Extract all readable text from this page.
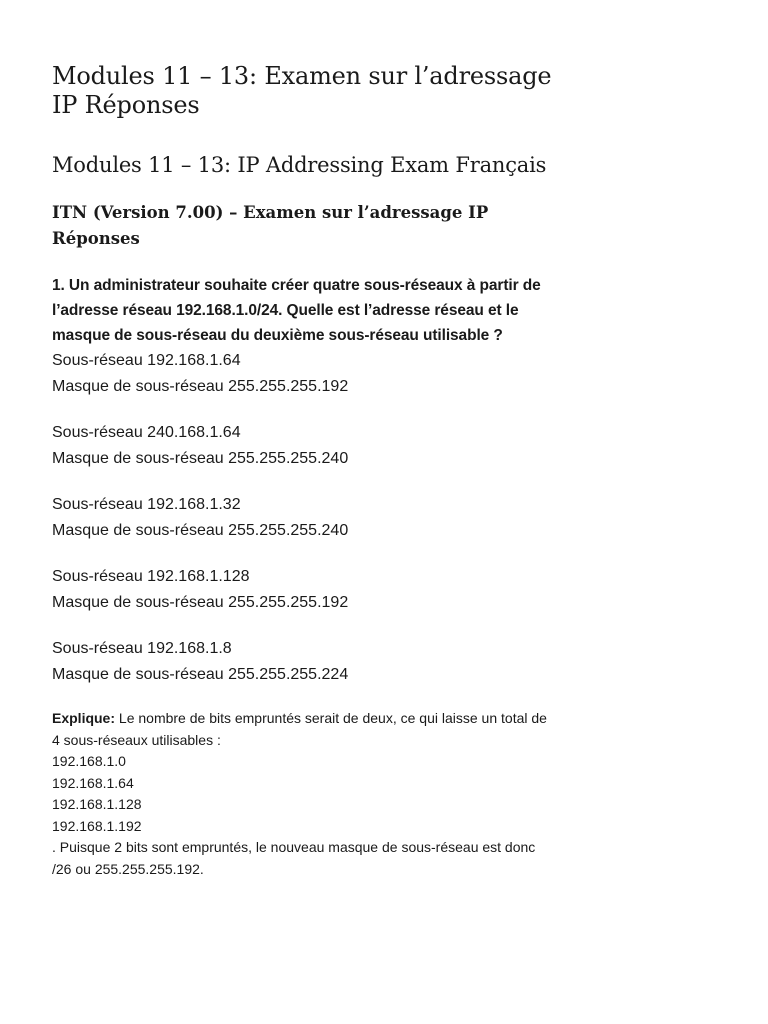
Modules 11 – 13: Examen sur l’adressage IP Réponses
Modules 11 – 13: IP Addressing Exam Français
ITN (Version 7.00) – Examen sur l’adressage IP Réponses

1. Un administrateur souhaite créer quatre sous-réseaux à partir de l’adresse réseau 192.168.1.0/24. Quelle est l’adresse réseau et le masque de sous-réseau du deuxième sous-réseau utilisable ?

Sous-réseau 192.168.1.64
Masque de sous-réseau 255.255.255.192
Sous-réseau 240.168.1.64
Masque de sous-réseau 255.255.255.240
Sous-réseau 192.168.1.32
Masque de sous-réseau 255.255.255.240
Sous-réseau 192.168.1.128
Masque de sous-réseau 255.255.255.192
Sous-réseau 192.168.1.8
Masque de sous-réseau 255.255.255.224
Explique: Le nombre de bits empruntés serait de deux, ce qui laisse un total de 4 sous-réseaux utilisables :
192.168.1.0
192.168.1.64
192.168.1.128
192.168.1.192
. Puisque 2 bits sont empruntés, le nouveau masque de sous-réseau est donc /26 ou 255.255.255.192.
